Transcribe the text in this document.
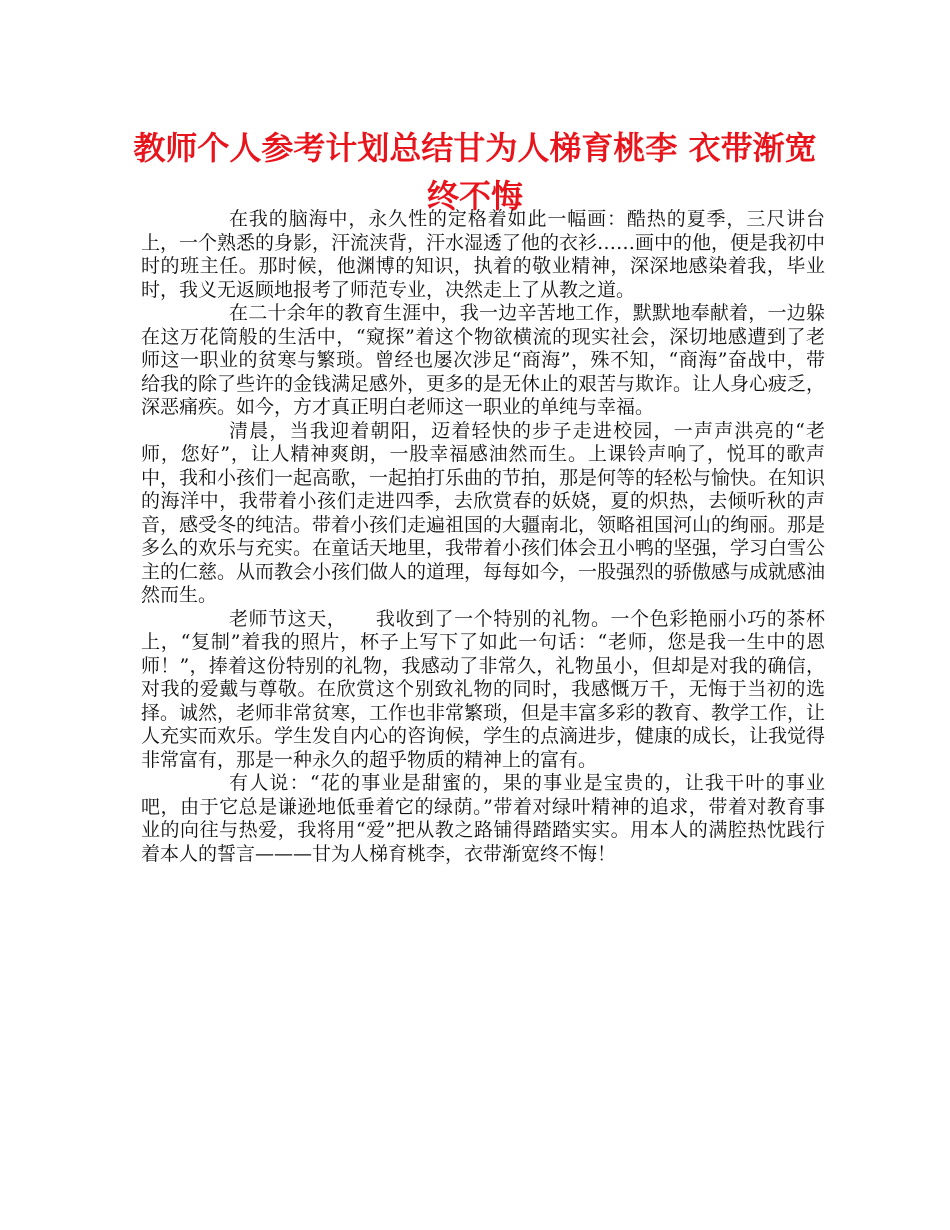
教师个人参考计划总结甘为人梯育桃李 衣带渐宽终不悔

在我的脑海中，永久性的定格着如此一幅画：酷热的夏季，三尺讲台上，一个熟悉的身影，汗流浃背，汗水湿透了他的衣衫……画中的他，便是我初中时的班主任。那时候，他渊博的知识，执着的敬业精神，深深地感染着我，毕业时，我义无返顾地报考了师范专业，决然走上了从教之道。

在二十余年的教育生涯中，我一边辛苦地工作，默默地奉献着，一边躲在这万花筒般的生活中，“窥探”着这个物欲横流的现实社会，深切地感遭到了老师这一职业的贫寒与繁琐。曾经也屡次涉足“商海”，殊不知，“商海”奋战中，带给我的除了些许的金钱满足感外，更多的是无休止的艰苦与欺诈。让人身心疲乏，深恶痛疾。如今，方才真正明白老师这一职业的单纯与幸福。

清晨，当我迎着朝阳，迈着轻快的步子走进校园，一声声洪亮的“老师，您好”，让人精神爽朗，一股幸福感油然而生。上课铃声响了，悦耳的歌声中，我和小孩们一起高歌，一起拍打乐曲的节拍，那是何等的轻松与愉快。在知识的海洋中，我带着小孩们走进四季，去欣赏春的妖娆，夏的炽热，去倾听秋的声音，感受冬的纯洁。带着小孩们走遍祖国的大疆南北，领略祖国河山的绚丽。那是多么的欢乐与充实。在童话天地里，我带着小孩们体会丑小鸭的坚强，学习白雪公主的仁慈。从而教会小孩们做人的道理，每每如今，一股强烈的骄傲感与成就感油然而生。

老师节这天，　　我收到了一个特别的礼物。一个色彩艳丽小巧的茶杯上，“复制”着我的照片，杯子上写下了如此一句话：“老师，您是我一生中的恩师！”，捧着这份特别的礼物，我感动了非常久，礼物虽小，但却是对我的确信，对我的爱戴与尊敬。在欣赏这个别致礼物的同时，我感慨万千，无悔于当初的选择。诚然，老师非常贫寒，工作也非常繁琐，但是丰富多彩的教育、教学工作，让人充实而欢乐。学生发自内心的咨询候，学生的点滴进步，健康的成长，让我觉得非常富有，那是一种永久的超乎物质的精神上的富有。

有人说：“花的事业是甜蜜的，果的事业是宝贵的，让我干叶的事业吧，由于它总是谦逊地低垂着它的绿荫。”带着对绿叶精神的追求，带着对教育事业的向往与热爱，我将用“爱”把从教之路铺得踏踏实实。用本人的满腔热忱践行着本人的誓言———甘为人梯育桃李，衣带渐宽终不悔！
